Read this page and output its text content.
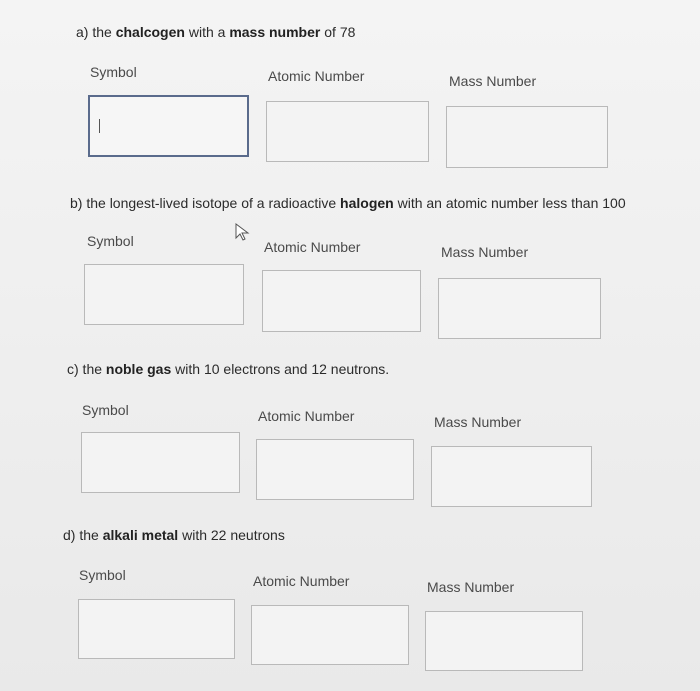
a) the chalcogen with a mass number of 78
Symbol	Atomic Number	Mass Number
b) the longest-lived isotope of a radioactive halogen with an atomic number less than 100
Symbol	Atomic Number	Mass Number
c) the noble gas with 10 electrons and 12 neutrons.
Symbol	Atomic Number	Mass Number
d) the alkali metal with 22 neutrons
Symbol	Atomic Number	Mass Number
